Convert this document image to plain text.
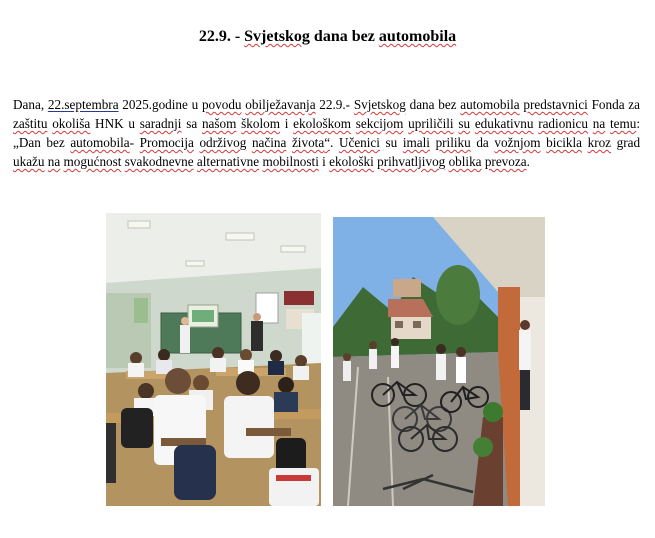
22.9. - Svjetskog dana bez automobila
Dana, 22.septembra 2025.godine u povodu obilježavanja 22.9.- Svjetskog dana bez automobila predstavnici Fonda za zaštitu okoliša HNK u saradnji sa našom školom i ekološkom sekcijom upriličili su edukativnu radionicu na temu: „Dan bez automobila- Promocija održivog načina života“. Učenici su imali priliku da vožnjom bicikla kroz grad ukažu na mogućnost svakodnevne alternativne mobilnosti i ekološki prihvatljivog oblika prevoza.
